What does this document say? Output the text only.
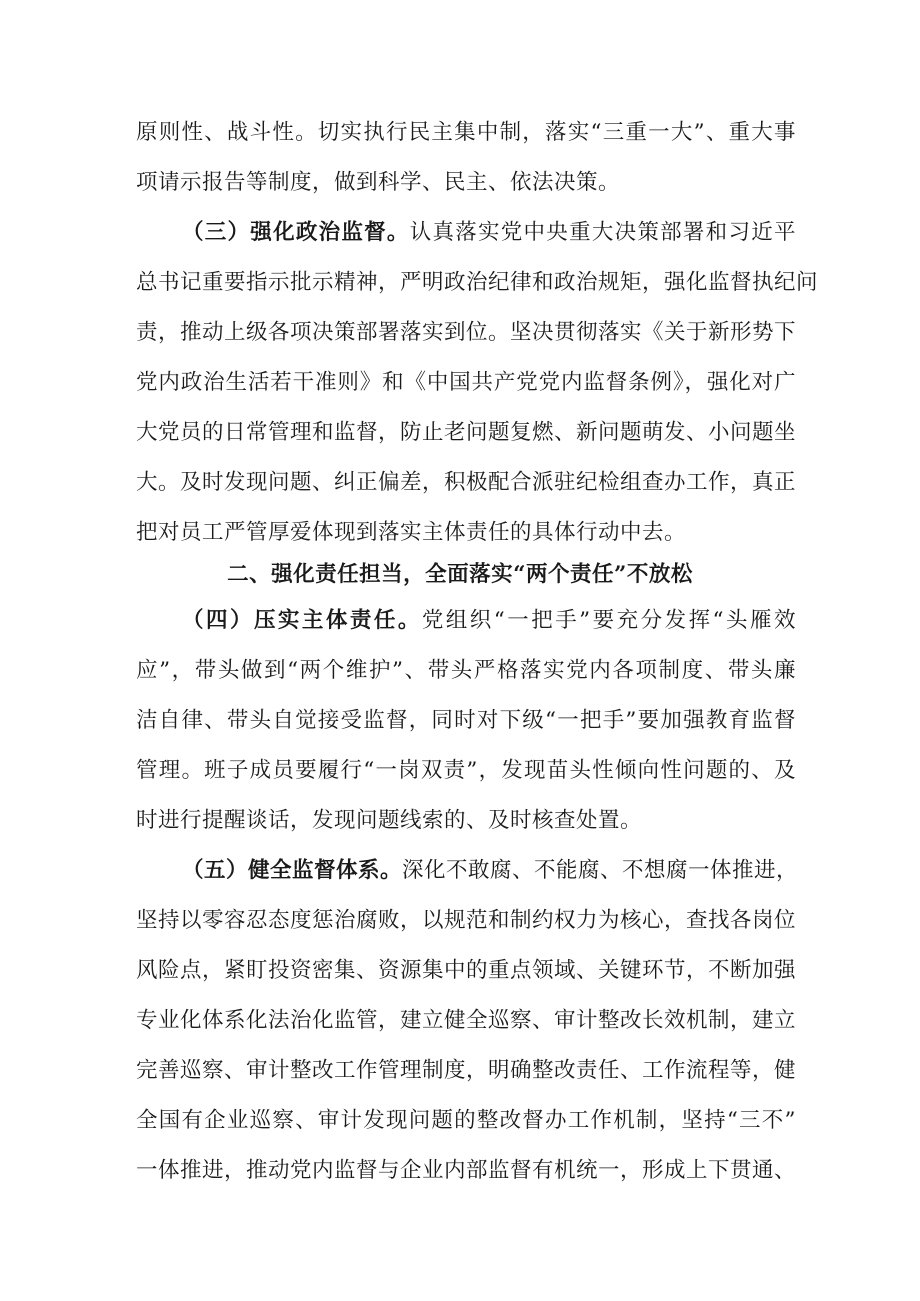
原则性、战斗性。切实执行民主集中制，落实“三重一大”、重大事
项请示报告等制度，做到科学、民主、依法决策。
（三）强化政治监督。认真落实党中央重大决策部署和习近平
总书记重要指示批示精神，严明政治纪律和政治规矩，强化监督执纪问
责，推动上级各项决策部署落实到位。坚决贯彻落实《关于新形势下
党内政治生活若干准则》和《中国共产党党内监督条例》，强化对广
大党员的日常管理和监督，防止老问题复燃、新问题萌发、小问题坐
大。及时发现问题、纠正偏差，积极配合派驻纪检组查办工作，真正
把对员工严管厚爱体现到落实主体责任的具体行动中去。
二、强化责任担当，全面落实“两个责任”不放松
（四）压实主体责任。党组织“一把手”要充分发挥“头雁效
应”，带头做到“两个维护”、带头严格落实党内各项制度、带头廉
洁自律、带头自觉接受监督，同时对下级“一把手”要加强教育监督
管理。班子成员要履行“一岗双责”，发现苗头性倾向性问题的、及
时进行提醒谈话，发现问题线索的、及时核查处置。
（五）健全监督体系。深化不敢腐、不能腐、不想腐一体推进，
坚持以零容忍态度惩治腐败，以规范和制约权力为核心，查找各岗位
风险点，紧盯投资密集、资源集中的重点领域、关键环节，不断加强
专业化体系化法治化监管，建立健全巡察、审计整改长效机制，建立
完善巡察、审计整改工作管理制度，明确整改责任、工作流程等，健
全国有企业巡察、审计发现问题的整改督办工作机制，坚持“三不”
一体推进，推动党内监督与企业内部监督有机统一，形成上下贯通、
